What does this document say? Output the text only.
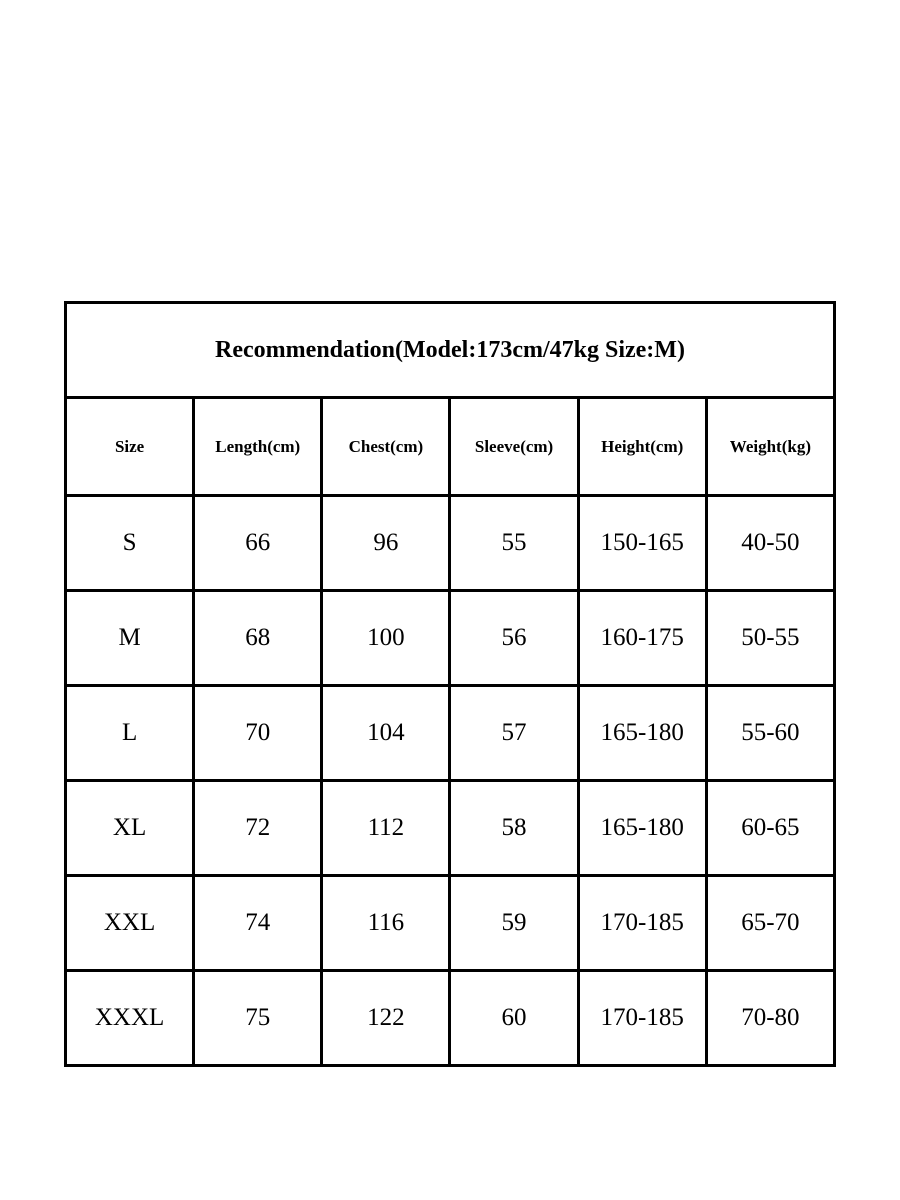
Recommendation(Model:173cm/47kg Size:M)					
Size	Length(cm)	Chest(cm)	Sleeve(cm)	Height(cm)	Weight(kg)
S	66	96	55	150-165	40-50
M	68	100	56	160-175	50-55
L	70	104	57	165-180	55-60
XL	72	112	58	165-180	60-65
XXL	74	116	59	170-185	65-70
XXXL	75	122	60	170-185	70-80
